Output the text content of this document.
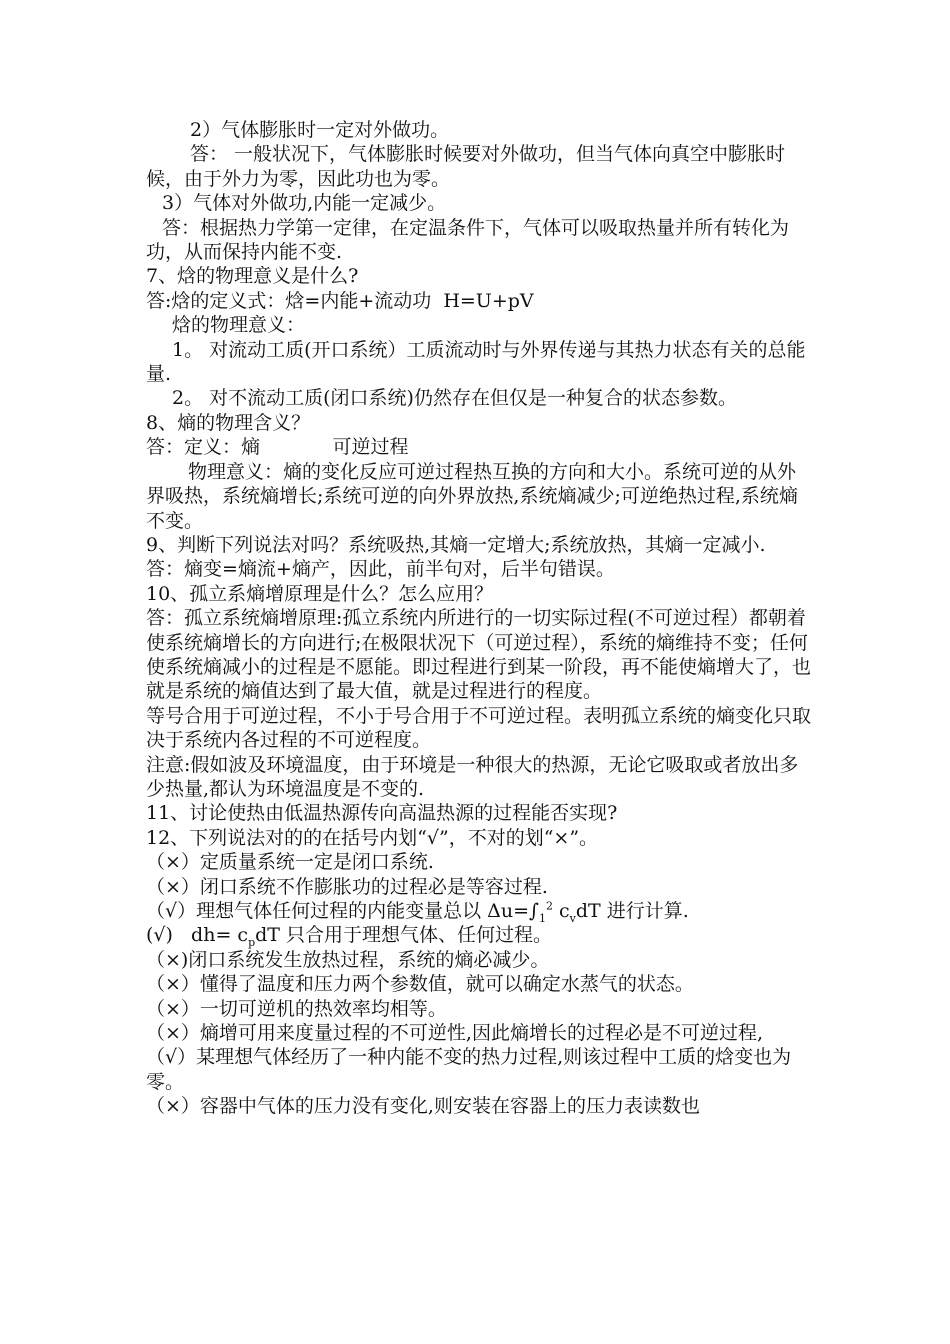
2）气体膨胀时一定对外做功。

答： 一般状况下，气体膨胀时候要对外做功，但当气体向真空中膨胀时候，由于外力为零，因此功也为零。

3）气体对外做功,内能一定减少。

答：根据热力学第一定律，在定温条件下，气体可以吸取热量并所有转化为功，从而保持内能不变.

7、焓的物理意义是什么?

答:焓的定义式：焓=内能+流动功  H=U+pV

焓的物理意义：

1。 对流动工质(开口系统）工质流动时与外界传递与其热力状态有关的总能量.

2。 对不流动工质(闭口系统)仍然存在但仅是一种复合的状态参数。

8、熵的物理含义？

答：定义：熵            可逆过程

物理意义：熵的变化反应可逆过程热互换的方向和大小。系统可逆的从外界吸热，系统熵增长;系统可逆的向外界放热,系统熵减少;可逆绝热过程,系统熵不变。

9、判断下列说法对吗？系统吸热,其熵一定增大;系统放热，其熵一定减小.

答：熵变=熵流+熵产，因此，前半句对，后半句错误。

10、孤立系熵增原理是什么？怎么应用？

答：孤立系统熵增原理:孤立系统内所进行的一切实际过程(不可逆过程）都朝着使系统熵增长的方向进行;在极限状况下（可逆过程），系统的熵维持不变；任何使系统熵减小的过程是不愿能。即过程进行到某一阶段，再不能使熵增大了，也就是系统的熵值达到了最大值，就是过程进行的程度。

等号合用于可逆过程，不小于号合用于不可逆过程。表明孤立系统的熵变化只取决于系统内各过程的不可逆程度。

注意:假如波及环境温度，由于环境是一种很大的热源，无论它吸取或者放出多少热量,都认为环境温度是不变的.

11、讨论使热由低温热源传向高温热源的过程能否实现?

12、下列说法对的的在括号内划“√”，不对的划“×”。

（×）定质量系统一定是闭口系统.

（×）闭口系统不作膨胀功的过程必是等容过程.

（√）理想气体任何过程的内能变量总以 $\Delta u=\int_1^2$ $c_vdT$ 进行计算.

(√)   $dh= c_pdT$ 只合用于理想气体、任何过程。

（×)闭口系统发生放热过程，系统的熵必减少。

（×）懂得了温度和压力两个参数值，就可以确定水蒸气的状态。

（×）一切可逆机的热效率均相等。

（×）熵增可用来度量过程的不可逆性,因此熵增长的过程必是不可逆过程,

（√）某理想气体经历了一种内能不变的热力过程,则该过程中工质的焓变也为零。

（×）容器中气体的压力没有变化,则安装在容器上的压力表读数也
